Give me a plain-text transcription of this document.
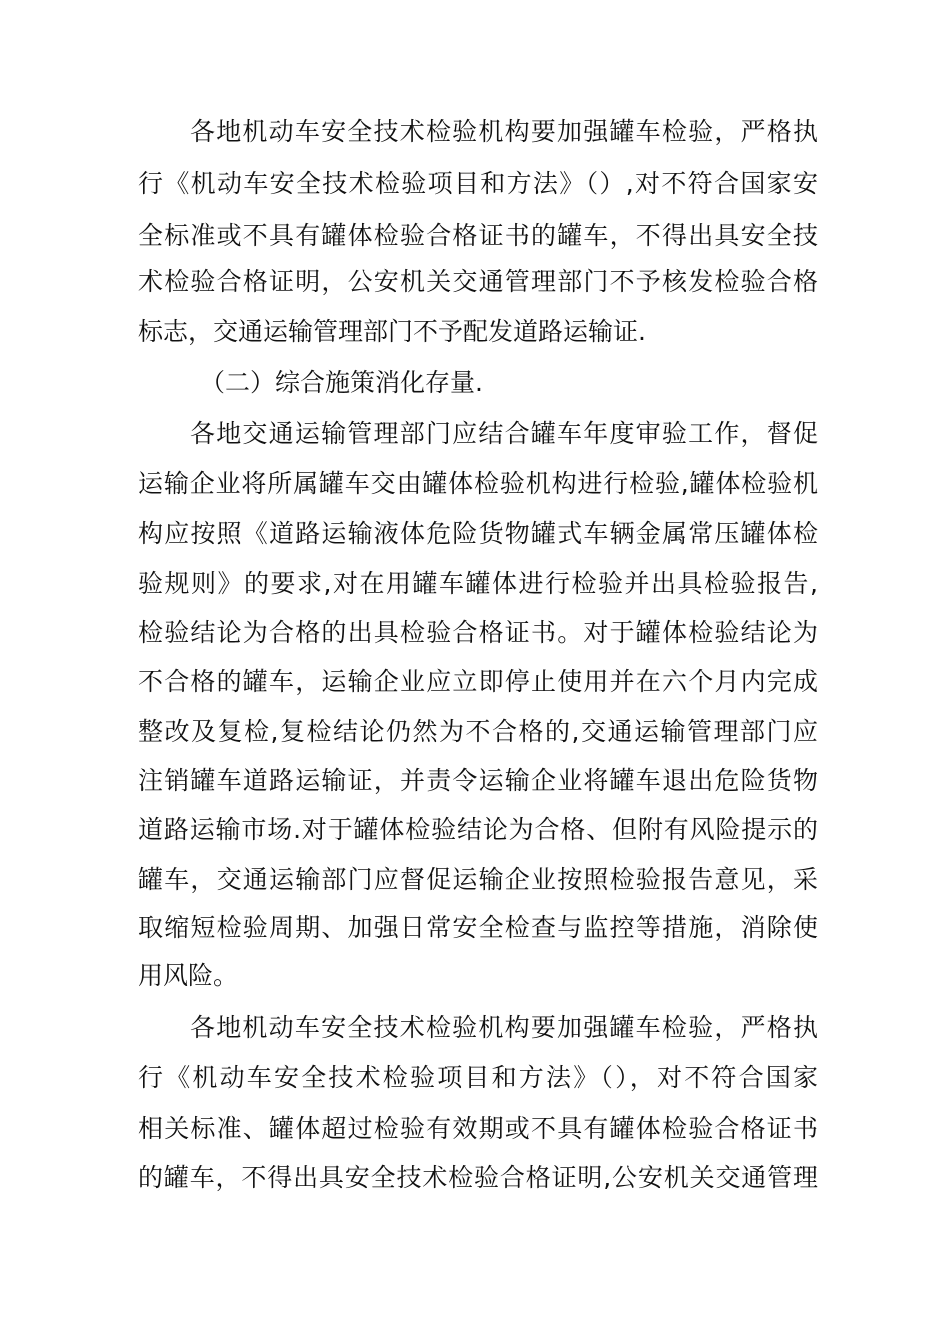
各地机动车安全技术检验机构要加强罐车检验，严格执
行《机动车安全技术检验项目和方法》（）,对不符合国家安
全标准或不具有罐体检验合格证书的罐车，不得出具安全技
术检验合格证明，公安机关交通管理部门不予核发检验合格
标志，交通运输管理部门不予配发道路运输证.
（二）综合施策消化存量.
各地交通运输管理部门应结合罐车年度审验工作，督促
运输企业将所属罐车交由罐体检验机构进行检验,罐体检验机
构应按照《道路运输液体危险货物罐式车辆金属常压罐体检
验规则》的要求,对在用罐车罐体进行检验并出具检验报告,
检验结论为合格的出具检验合格证书。对于罐体检验结论为
不合格的罐车，运输企业应立即停止使用并在六个月内完成
整改及复检,复检结论仍然为不合格的,交通运输管理部门应
注销罐车道路运输证，并责令运输企业将罐车退出危险货物
道路运输市场.对于罐体检验结论为合格、但附有风险提示的
罐车，交通运输部门应督促运输企业按照检验报告意见，采
取缩短检验周期、加强日常安全检查与监控等措施，消除使
用风险。
各地机动车安全技术检验机构要加强罐车检验，严格执
行《机动车安全技术检验项目和方法》（），对不符合国家
相关标准、罐体超过检验有效期或不具有罐体检验合格证书
的罐车，不得出具安全技术检验合格证明,公安机关交通管理
